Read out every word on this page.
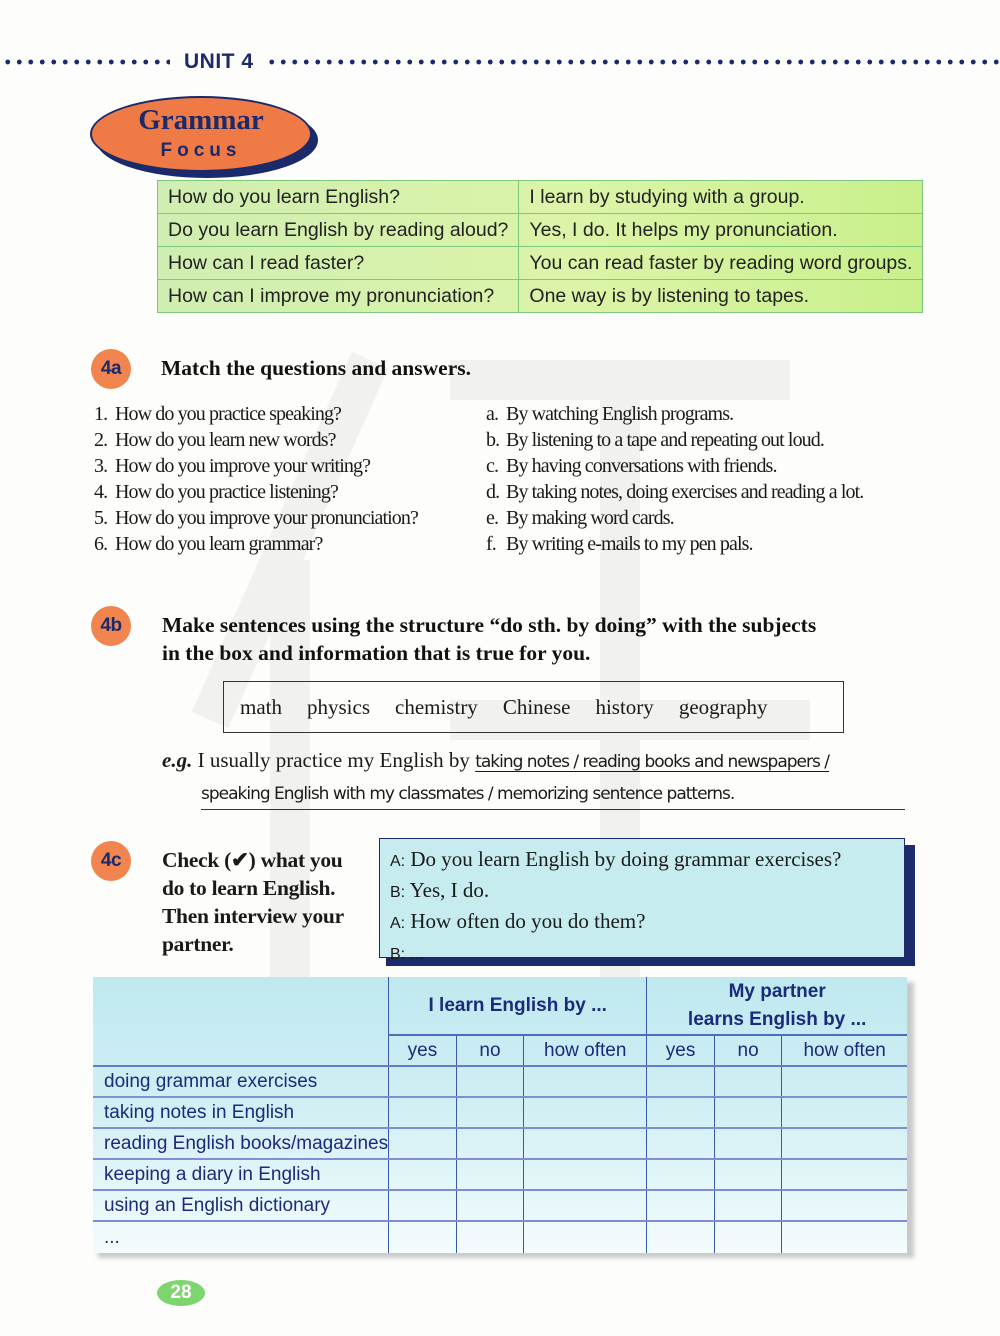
UNIT 4
Grammar
Focus
How do you learn English?	I learn by studying with a group.
Do you learn English by reading aloud?	Yes, I do. It helps my pronunciation.
How can I read faster?	You can read faster by reading word groups.
How can I improve my pronunciation?	One way is by listening to tapes.
4a	Match the questions and answers.
1. How do you practice speaking?
2. How do you learn new words?
3. How do you improve your writing?
4. How do you practice listening?
5. How do you improve your pronunciation?
6. How do you learn grammar?
a. By watching English programs.
b. By listening to a tape and repeating out loud.
c. By having conversations with friends.
d. By taking notes, doing exercises and reading a lot.
e. By making word cards.
f. By writing e-mails to my pen pals.
4b	Make sentences using the structure “do sth. by doing” with the subjects
in the box and information that is true for you.
math physics chemistry Chinese history geography
e.g. I usually practice my English by taking notes / reading books and newspapers /
speaking English with my classmates / memorizing sentence patterns.
4c	Check (✔) what you
do to learn English.
Then interview your
partner.
A: Do you learn English by doing grammar exercises?
B: Yes, I do.
A: How often do you do them?
B: ...
	I learn English by ...			My partner
learns English by ...		

	yes	no	how often	yes	no	how often
doing grammar exercises						
taking notes in English						
reading English books/magazines						
keeping a diary in English						
using an English dictionary						
...						
28
